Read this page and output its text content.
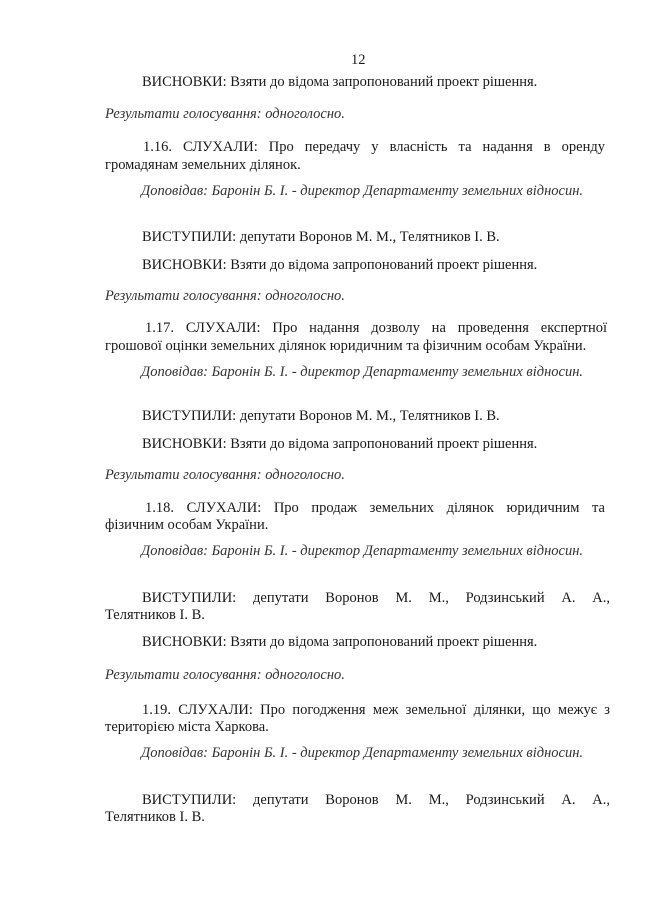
12
ВИСНОВКИ: Взяти до відома запропонований проект рішення.
Результати голосування: одноголосно.
1.16. СЛУХАЛИ: Про передачу у власність та надання в оренду
громадянам земельних ділянок.
Доповідав: Баронін Б. І. - директор Департаменту земельних відносин.
ВИСТУПИЛИ: депутати Воронов М. М., Телятников І. В.
ВИСНОВКИ: Взяти до відома запропонований проект рішення.
Результати голосування: одноголосно.
1.17. СЛУХАЛИ: Про надання дозволу на проведення експертної
грошової оцінки земельних ділянок юридичним та фізичним особам України.
Доповідав: Баронін Б. І. - директор Департаменту земельних відносин.
ВИСТУПИЛИ: депутати Воронов М. М., Телятников І. В.
ВИСНОВКИ: Взяти до відома запропонований проект рішення.
Результати голосування: одноголосно.
1.18. СЛУХАЛИ: Про продаж земельних ділянок юридичним та
фізичним особам України.
Доповідав: Баронін Б. І. - директор Департаменту земельних відносин.
ВИСТУПИЛИ: депутати Воронов М. М., Родзинський А. А.,
Телятников І. В.
ВИСНОВКИ: Взяти до відома запропонований проект рішення.
Результати голосування: одноголосно.
1.19. СЛУХАЛИ: Про погодження меж земельної ділянки, що межує з
територією міста Харкова.
Доповідав: Баронін Б. І. - директор Департаменту земельних відносин.
ВИСТУПИЛИ: депутати Воронов М. М., Родзинський А. А.,
Телятников І. В.
